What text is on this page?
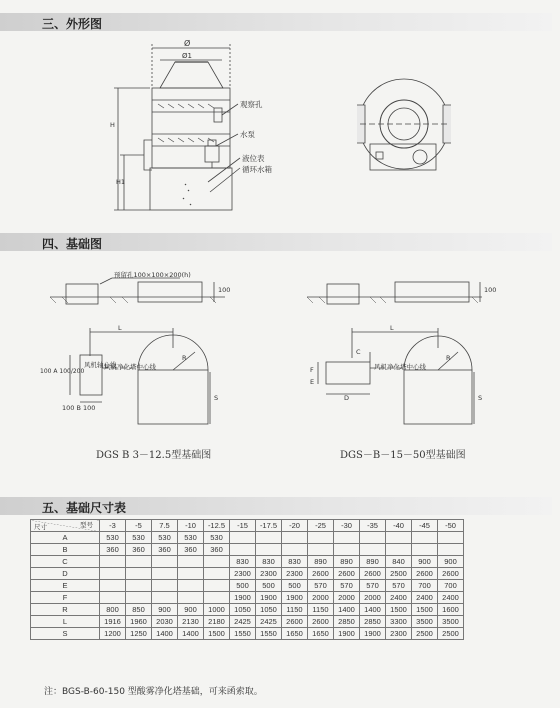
三、外形图
四、基础图
五、基础尺寸表
Ø
Ø1
观察孔
水泵
液位表
循环水箱
H
H1
预留孔100×100×200(h)
100	100
L
R
S
风机净化塔中心线
风机轴心线
100 A 100/200
100 B 100
L
R
S
风机净化塔中心线
C
D
E
F
DGS B 3－12.5型基础图	DGS－B－15－50型基础图
尺寸 型号	-3	-5	7.5	-10	-12.5	-15	-17.5	-20	-25	-30	-35	-40	-45	-50
A	530	530	530	530	530									
B	360	360	360	360	360									
C						830	830	830	890	890	890	840	900	900
D						2300	2300	2300	2600	2600	2600	2500	2600	2600
E						500	500	500	570	570	570	570	700	700
F						1900	1900	1900	2000	2000	2000	2400	2400	2400
R	800	850	900	900	1000	1050	1050	1150	1150	1400	1400	1500	1500	1600
L	1916	1960	2030	2130	2180	2425	2425	2600	2600	2850	2850	3300	3500	3500
S	1200	1250	1400	1400	1500	1550	1550	1650	1650	1900	1900	2300	2500	2500
注：BGS-B-60-150 型酸雾净化塔基础，可来函索取。
